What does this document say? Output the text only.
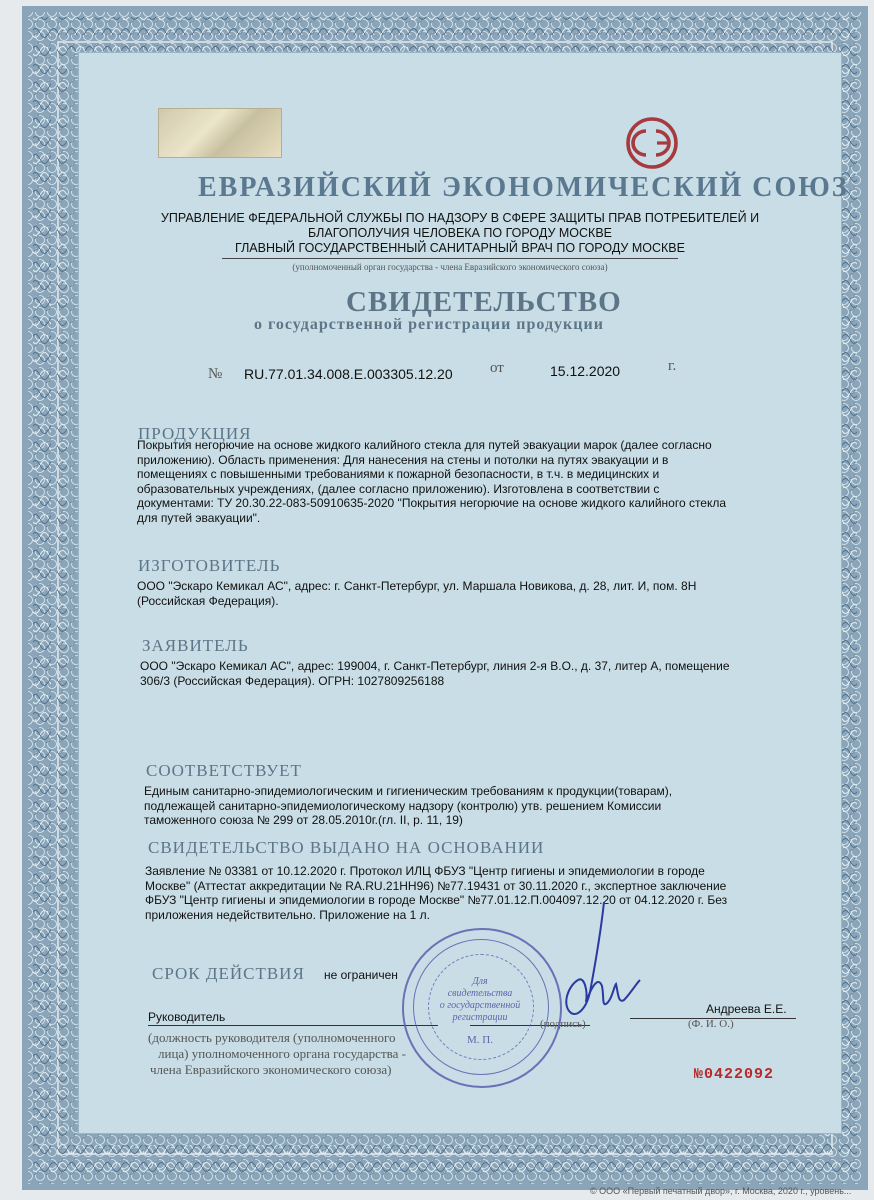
СЭ

ЕВРАЗИЙСКИЙ ЭКОНОМИЧЕСКИЙ СОЮЗ

УПРАВЛЕНИЕ ФЕДЕРАЛЬНОЙ СЛУЖБЫ ПО НАДЗОРУ В СФЕРЕ ЗАЩИТЫ ПРАВ ПОТРЕБИТЕЛЕЙ И

БЛАГОПОЛУЧИЯ ЧЕЛОВЕКА ПО ГОРОДУ МОСКВЕ

ГЛАВНЫЙ ГОСУДАРСТВЕННЫЙ САНИТАРНЫЙ ВРАЧ ПО ГОРОДУ МОСКВЕ

(уполномоченный орган государства - члена Евразийского экономического союза)

СВИДЕТЕЛЬСТВО

о государственной регистрации продукции

№ RU.77.01.34.008.Е.003305.12.20 от	15.12.2020	г.

ПРОДУКЦИЯ

Покрытия негорючие на основе жидкого калийного стекла для путей эвакуации марок (далее согласно
приложению). Область применения: Для нанесения на стены и потолки на путях эвакуации и в
помещениях с повышенными требованиями к пожарной безопасности, в т.ч. в медицинских и
образовательных учреждениях, (далее согласно приложению). Изготовлена в соответствии с
документами: ТУ 20.30.22-083-50910635-2020 "Покрытия негорючие на основе жидкого калийного стекла
для путей эвакуации".

ИЗГОТОВИТЕЛЬ

ООО "Эскаро Кемикал АС", адрес: г. Санкт-Петербург, ул. Маршала Новикова, д. 28, лит. И, пом. 8Н
(Российская Федерация).

ЗАЯВИТЕЛЬ

ООО "Эскаро Кемикал АС", адрес: 199004, г. Санкт-Петербург, линия 2-я В.О., д. 37, литер А, помещение
306/3 (Российская Федерация). ОГРН: 1027809256188

СООТВЕТСТВУЕТ

Единым санитарно-эпидемиологическим и гигиеническим требованиям к продукции(товарам),
подлежащей санитарно-эпидемиологическому надзору (контролю) утв. решением Комиссии
таможенного союза № 299 от 28.05.2010г.(гл. II, р. 11, 19)

СВИДЕТЕЛЬСТВО ВЫДАНО НА ОСНОВАНИИ

Заявление № 03381 от 10.12.2020 г. Протокол ИЛЦ ФБУЗ "Центр гигиены и эпидемиологии в городе
Москве" (Аттестат аккредитации № RA.RU.21НН96) №77.19431 от 30.11.2020 г., экспертное заключение
ФБУЗ "Центр гигиены и эпидемиологии в городе Москве" №77.01.12.П.004097.12.20 от 04.12.2020 г. Без
приложения недействительно. Приложение на 1 л.

СРОК ДЕЙСТВИЯ не ограничен

Руководитель

Андреева Е.Е.

(Ф. И. О.)

(подпись)

(должность руководителя (уполномоченного

лица) уполномоченного органа государства -

члена Евразийского экономического союза)

Для
свидетельства
о государственной
регистрации
М. П.

№0422092

© ООО «Первый печатный двор», г. Москва, 2020 г., уровень...
